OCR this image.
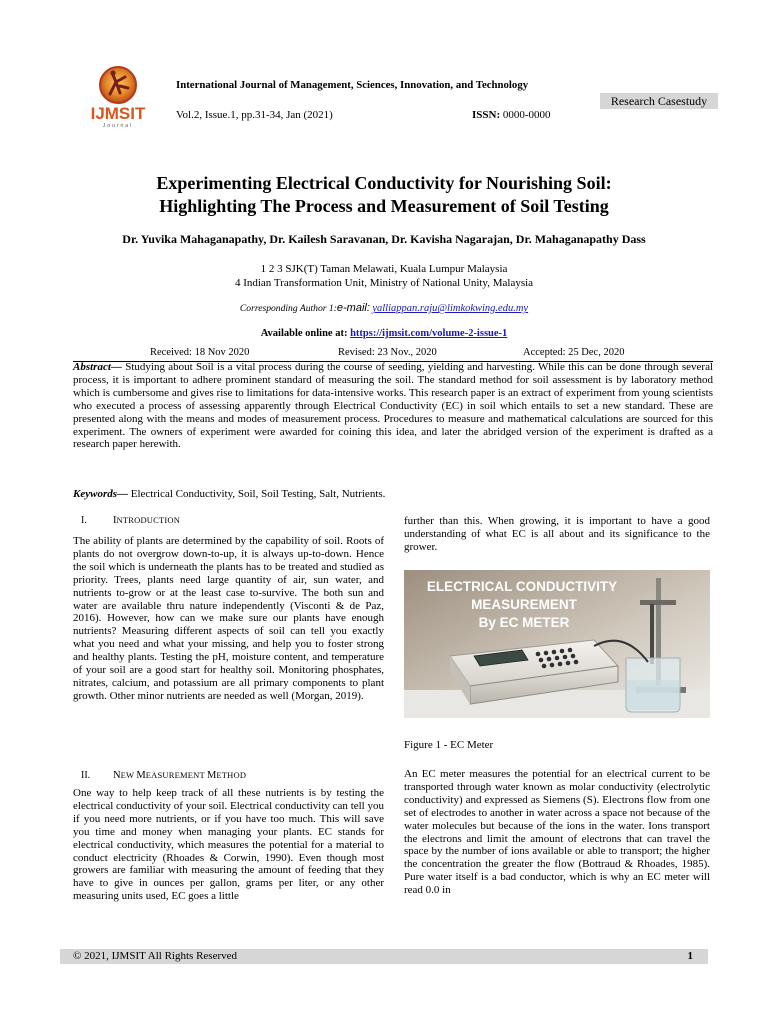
IJMSIT
Journal
International Journal of Management, Sciences, Innovation, and Technology
Research Casestudy
Vol.2, Issue.1, pp.31-34, Jan (2021)	ISSN: 0000-0000
Experimenting Electrical Conductivity for Nourishing Soil:
Highlighting The Process and Measurement of Soil Testing
Dr. Yuvika Mahaganapathy, Dr. Kailesh Saravanan, Dr. Kavisha Nagarajan, Dr. Mahaganapathy Dass
1 2 3 SJK(T) Taman Melawati, Kuala Lumpur Malaysia
4 Indian Transformation Unit, Ministry of National Unity, Malaysia
Corresponding Author 1:e-mail: yalliappan.raju@limkokwing.edu.my
Available online at: https://ijmsit.com/volume-2-issue-1
Received: 18 Nov 2020	Revised: 23 Nov., 2020	Accepted: 25 Dec, 2020
Abstract— Studying about Soil is a vital process during the course of seeding, yielding and harvesting. While this can be done through several process, it is important to adhere prominent standard of measuring the soil. The standard method for soil assessment is by laboratory method which is cumbersome and gives rise to limitations for data-intensive works. This research paper is an extract of experiment from young scientists who executed a process of assessing apparently through Electrical Conductivity (EC) in soil which entails to set a new standard. These are presented along with the means and modes of measurement process. Procedures to measure and mathematical calculations are sourced for this experiment. The owners of experiment were awarded for coining this idea, and later the abridged version of the experiment is drafted as a research paper herewith.
Keywords— Electrical Conductivity, Soil, Soil Testing, Salt, Nutrients.
I. INTRODUCTION

The ability of plants are determined by the capability of soil. Roots of plants do not overgrow down-to-up, it is always up-to-down. Hence the soil which is underneath the plants has to be treated and studied as priority. Trees, plants need large quantity of air, sun water, and nutrients to-grow or at the least case to-survive. The both sun and water are available thru nature independently (Visconti & de Paz, 2016). However, how can we make sure our plants have enough nutrients? Measuring different aspects of soil can tell you exactly what you need and what your missing, and help you to foster strong and healthy plants. Testing the pH, moisture content, and temperature of your soil are a good start for healthy soil. Monitoring phosphates, nitrates, calcium, and potassium are all primary components to plant growth. Other minor nutrients are needed as well (Morgan, 2019).

II. NEW MEASUREMENT METHOD

One way to help keep track of all these nutrients is by testing the electrical conductivity of your soil. Electrical conductivity can tell you if you need more nutrients, or if you have too much. This will save you time and money when managing your plants. EC stands for electrical conductivity, which measures the potential for a material to conduct electricity (Rhoades & Corwin, 1990). Even though most growers are familiar with measuring the amount of feeding that they have to give in ounces per gallon, grams per liter, or any other measuring units used, EC goes a little

further than this. When growing, it is important to have a good understanding of what EC is all about and its significance to the grower.

ELECTRICAL CONDUCTIVITY
MEASUREMENT
By EC METER
Figure 1 - EC Meter

An EC meter measures the potential for an electrical current to be transported through water known as molar conductivity (electrolytic conductivity) and expressed as Siemens (S). Electrons flow from one set of electrodes to another in water across a space not because of the water molecules but because of the ions in the water. Ions transport the electrons and limit the amount of electrons that can travel the space by the number of ions available or able to transport; the higher the concentration the greater the flow (Bottraud & Rhoades, 1985). Pure water itself is a bad conductor, which is why an EC meter will read 0.0 in

© 2021, IJMSIT All Rights Reserved	1
